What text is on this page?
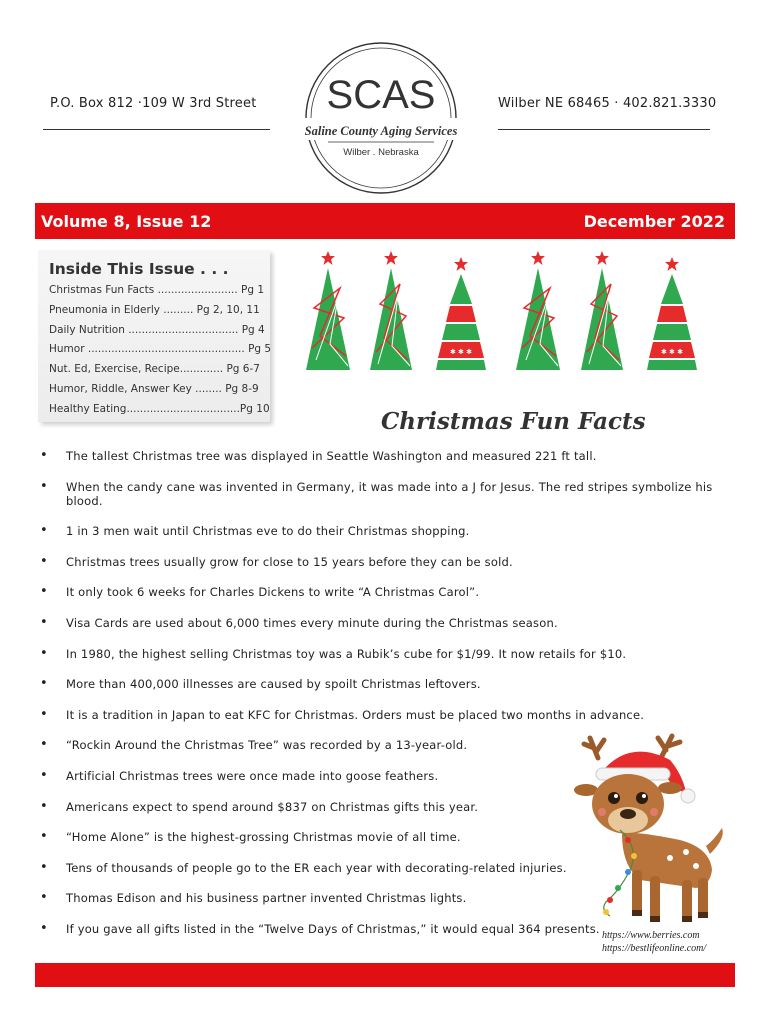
P.O. Box 812 ·109 W 3rd Street	Wilber NE 68465 · 402.821.3330
SCAS
Saline County Aging Services
Wilber . Nebraska
Volume 8, Issue 12	December 2022
Inside This Issue . . .
Christmas Fun Facts ........................ Pg 1
Pneumonia in Elderly ......... Pg 2, 10, 11
Daily Nutrition ................................. Pg 4
Humor ............................................... Pg 5
Nut. Ed, Exercise, Recipe............. Pg 6-7
Humor, Riddle, Answer Key ........ Pg 8-9
Healthy Eating..................................Pg 10
✱ ✱ ✱	✱ ✱ ✱
Christmas Fun Facts
• The tallest Christmas tree was displayed in Seattle Washington and measured 221 ft tall.
• When the candy cane was invented in Germany, it was made into a J for Jesus. The red stripes symbolize his blood.
• 1 in 3 men wait until Christmas eve to do their Christmas shopping.
• Christmas trees usually grow for close to 15 years before they can be sold.
• It only took 6 weeks for Charles Dickens to write “A Christmas Carol”.
• Visa Cards are used about 6,000 times every minute during the Christmas season.
• In 1980, the highest selling Christmas toy was a Rubik’s cube for $1/99. It now retails for $10.
• More than 400,000 illnesses are caused by spoilt Christmas leftovers.
• It is a tradition in Japan to eat KFC for Christmas. Orders must be placed two months in advance.
• “Rockin Around the Christmas Tree” was recorded by a 13-year-old.
• Artificial Christmas trees were once made into goose feathers.
• Americans expect to spend around $837 on Christmas gifts this year.
• “Home Alone” is the highest-grossing Christmas movie of all time.
• Tens of thousands of people go to the ER each year with decorating-related injuries.
• Thomas Edison and his business partner invented Christmas lights.
• If you gave all gifts listed in the “Twelve Days of Christmas,” it would equal 364 presents. https://www.berries.com
https://bestlifeonline.com/
